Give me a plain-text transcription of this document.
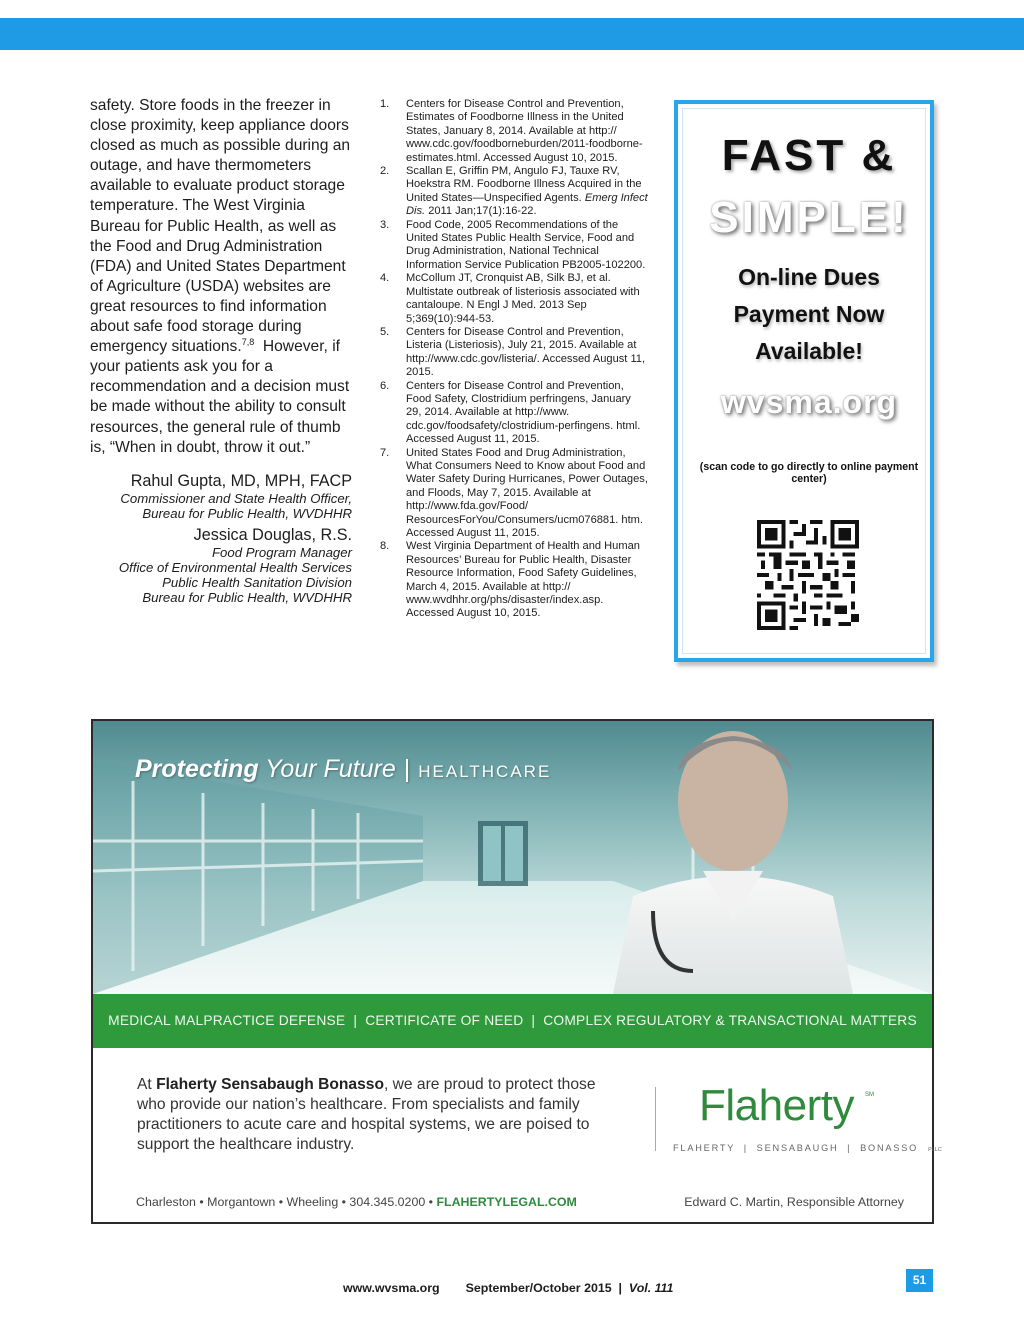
safety. Store foods in the freezer in close proximity, keep appliance doors closed as much as possible during an outage, and have thermometers available to evaluate product storage temperature. The West Virginia Bureau for Public Health, as well as the Food and Drug Administration (FDA) and United States Department of Agriculture (USDA) websites are great resources to find information about safe food storage during emergency situations.$^{7,8}$  However, if your patients ask you for a recommendation and a decision must be made without the ability to consult resources, the general rule of thumb is, “When in doubt, throw it out.”
Rahul Gupta, MD, MPH, FACP
Commissioner and State Health Officer,
Bureau for Public Health, WVDHHR
Jessica Douglas, R.S.
Food Program Manager
Office of Environmental Health Services
Public Health Sanitation Division
Bureau for Public Health, WVDHHR
1. Centers for Disease Control and Prevention, Estimates of Foodborne Illness in the United States, January 8, 2014. Available at http:// www.cdc.gov/foodborneburden/2011-foodborne-estimates.html. Accessed August 10, 2015.
2. Scallan E, Griffin PM, Angulo FJ, Tauxe RV, Hoekstra RM. Foodborne Illness Acquired in the United States—Unspecified Agents. Emerg Infect Dis. 2011 Jan;17(1):16-22.
3. Food Code, 2005 Recommendations of the United States Public Health Service, Food and Drug Administration, National Technical Information Service Publication PB2005-102200.
4. McCollum JT, Cronquist AB, Silk BJ, et al. Multistate outbreak of listeriosis associated with cantaloupe. N Engl J Med. 2013 Sep 5;369(10):944-53.
5. Centers for Disease Control and Prevention, Listeria (Listeriosis), July 21, 2015. Available at http://www.cdc.gov/listeria/. Accessed August 11, 2015.
6. Centers for Disease Control and Prevention, Food Safety, Clostridium perfringens, January 29, 2014. Available at http://www. cdc.gov/foodsafety/clostridium-perfingens. html. Accessed August 11, 2015.
7. United States Food and Drug Administration, What Consumers Need to Know about Food and Water Safety During Hurricanes, Power Outages, and Floods, May 7, 2015. Available at http://www.fda.gov/Food/ ResourcesForYou/Consumers/ucm076881. htm. Accessed August 11, 2015.
8. West Virginia Department of Health and Human Resources’ Bureau for Public Health, Disaster Resource Information, Food Safety Guidelines, March 4, 2015. Available at http:// www.wvdhhr.org/phs/disaster/index.asp. Accessed August 10, 2015.
FAST &
SIMPLE!
On-line Dues
Payment Now
Available!
wvsma.org
(scan code to go directly to online payment center)
Protecting Your Future | HEALTHCARE
MEDICAL MALPRACTICE DEFENSE  |  CERTIFICATE OF NEED  |  COMPLEX REGULATORY & TRANSACTIONAL MATTERS
At Flaherty Sensabaugh Bonasso, we are proud to protect those who provide our nation’s healthcare. From specialists and family practitioners to acute care and hospital systems, we are poised to support the healthcare industry.
Flaherty SM
FLAHERTY  |  SENSABAUGH  |  BONASSO PLLC
Charleston • Morgantown • Wheeling • 304.345.0200 • FLAHERTYLEGAL.COM	Edward C. Martin, Responsible Attorney
www.wvsma.org September/October 2015 | Vol. 111
51
